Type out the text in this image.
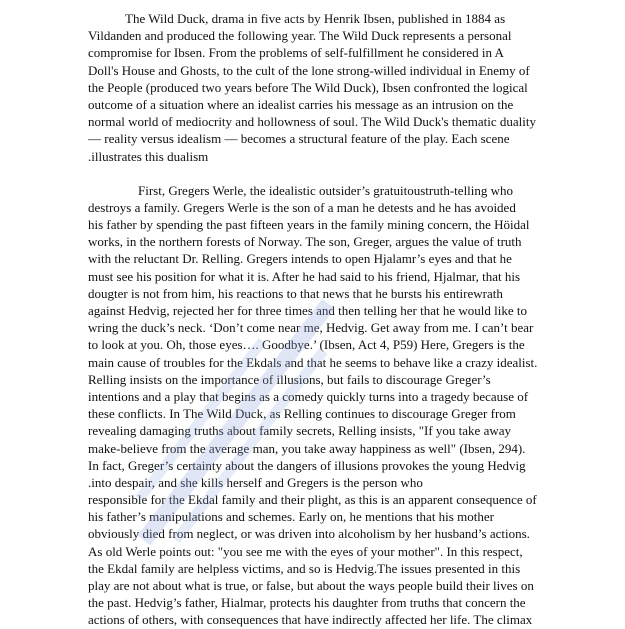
The Wild Duck, drama in five acts by Henrik Ibsen, published in 1884 as
Vildanden and produced the following year. The Wild Duck represents a personal
compromise for Ibsen. From the problems of self-fulfillment he considered in A
Doll's House and Ghosts, to the cult of the lone strong-willed individual in Enemy of
the People (produced two years before The Wild Duck), Ibsen confronted the logical
outcome of a situation where an idealist carries his message as an intrusion on the
normal world of mediocrity and hollowness of soul. The Wild Duck's thematic duality
— reality versus idealism — becomes a structural feature of the play. Each scene
.illustrates this dualism

First, Gregers Werle, the idealistic outsider’s gratuitoustruth-telling who
destroys a family. Gregers Werle is the son of a man he detests and he has avoided
his father by spending the past fifteen years in the family mining concern, the Höidal
works, in the northern forests of Norway. The son, Greger, argues the value of truth
with the reluctant Dr. Relling. Gregers intends to open Hjalamr’s eyes and that he
must see his position for what it is. After he had said to his friend, Hjalmar, that his
dougter is not from him, his reactions to that news that he bursts his entirewrath
against Hedvig, rejected her for three times and then telling her that he would like to
wring the duck’s neck. ‘Don’t come near me, Hedvig. Get away from me. I can’t bear
to look at you. Oh, those eyes…. Goodbye.’ (Ibsen, Act 4, P59) Here, Gregers is the
main cause of troubles for the Ekdals and that he seems to behave like a crazy idealist.
Relling insists on the importance of illusions, but fails to discourage Greger’s
intentions and a play that begins as a comedy quickly turns into a tragedy because of
these conflicts. In The Wild Duck, as Relling continues to discourage Greger from
revealing damaging truths about family secrets, Relling insists, "If you take away
make-believe from the average man, you take away happiness as well" (Ibsen, 294).
In fact, Greger’s certainty about the dangers of illusions provokes the young Hedvig
.into despair, and she kills herself and Gregers is the person who
responsible for the Ekdal family and their plight, as this is an apparent consequence of
his father’s manipulations and schemes. Early on, he mentions that his mother
obviously died from neglect, or was driven into alcoholism by her husband’s actions.
As old Werle points out: "you see me with the eyes of your mother". In this respect,
the Ekdal family are helpless victims, and so is Hedvig.The issues presented in this
play are not about what is true, or false, but about the ways people build their lives on
the past. Hedvig’s father, Hialmar, protects his daughter from truths that concern the
actions of others, with consequences that have indirectly affected her life. The climax
